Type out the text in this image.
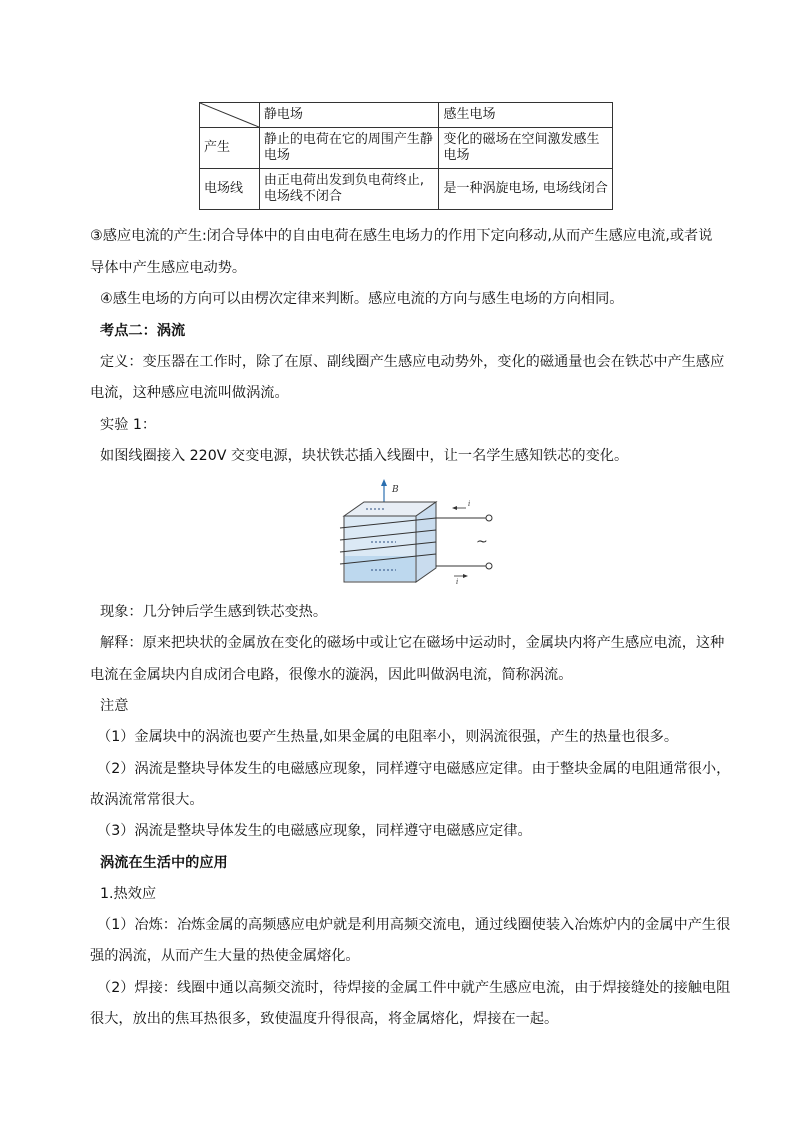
	静电场	感生电场
产生	静止的电荷在它的周围产生静电场	变化的磁场在空间激发感生电场
电场线	由正电荷出发到负电荷终止,电场线不闭合	是一种涡旋电场, 电场线闭合
③感应电流的产生:闭合导体中的自由电荷在感生电场力的作用下定向移动,从而产生感应电流,或者说
导体中产生感应电动势。
④感生电场的方向可以由楞次定律来判断。感应电流的方向与感生电场的方向相同。
考点二：涡流
定义：变压器在工作时，除了在原、副线圈产生感应电动势外，变化的磁通量也会在铁芯中产生感应
电流，这种感应电流叫做涡流。
实验 1：
如图线圈接入 220V 交变电源，块状铁芯插入线圈中，让一名学生感知铁芯的变化。
B
i
i
~
现象：几分钟后学生感到铁芯变热。
解释：原来把块状的金属放在变化的磁场中或让它在磁场中运动时，金属块内将产生感应电流，这种
电流在金属块内自成闭合电路，很像水的漩涡，因此叫做涡电流，简称涡流。
注意
（1）金属块中的涡流也要产生热量,如果金属的电阻率小，则涡流很强，产生的热量也很多。
（2）涡流是整块导体发生的电磁感应现象，同样遵守电磁感应定律。由于整块金属的电阻通常很小，
故涡流常常很大。
（3）涡流是整块导体发生的电磁感应现象，同样遵守电磁感应定律。
涡流在生活中的应用
1.热效应
（1）冶炼：冶炼金属的高频感应电炉就是利用高频交流电，通过线圈使装入冶炼炉内的金属中产生很
强的涡流，从而产生大量的热使金属熔化。
（2）焊接：线圈中通以高频交流时，待焊接的金属工件中就产生感应电流，由于焊接缝处的接触电阻
很大，放出的焦耳热很多，致使温度升得很高，将金属熔化，焊接在一起。
